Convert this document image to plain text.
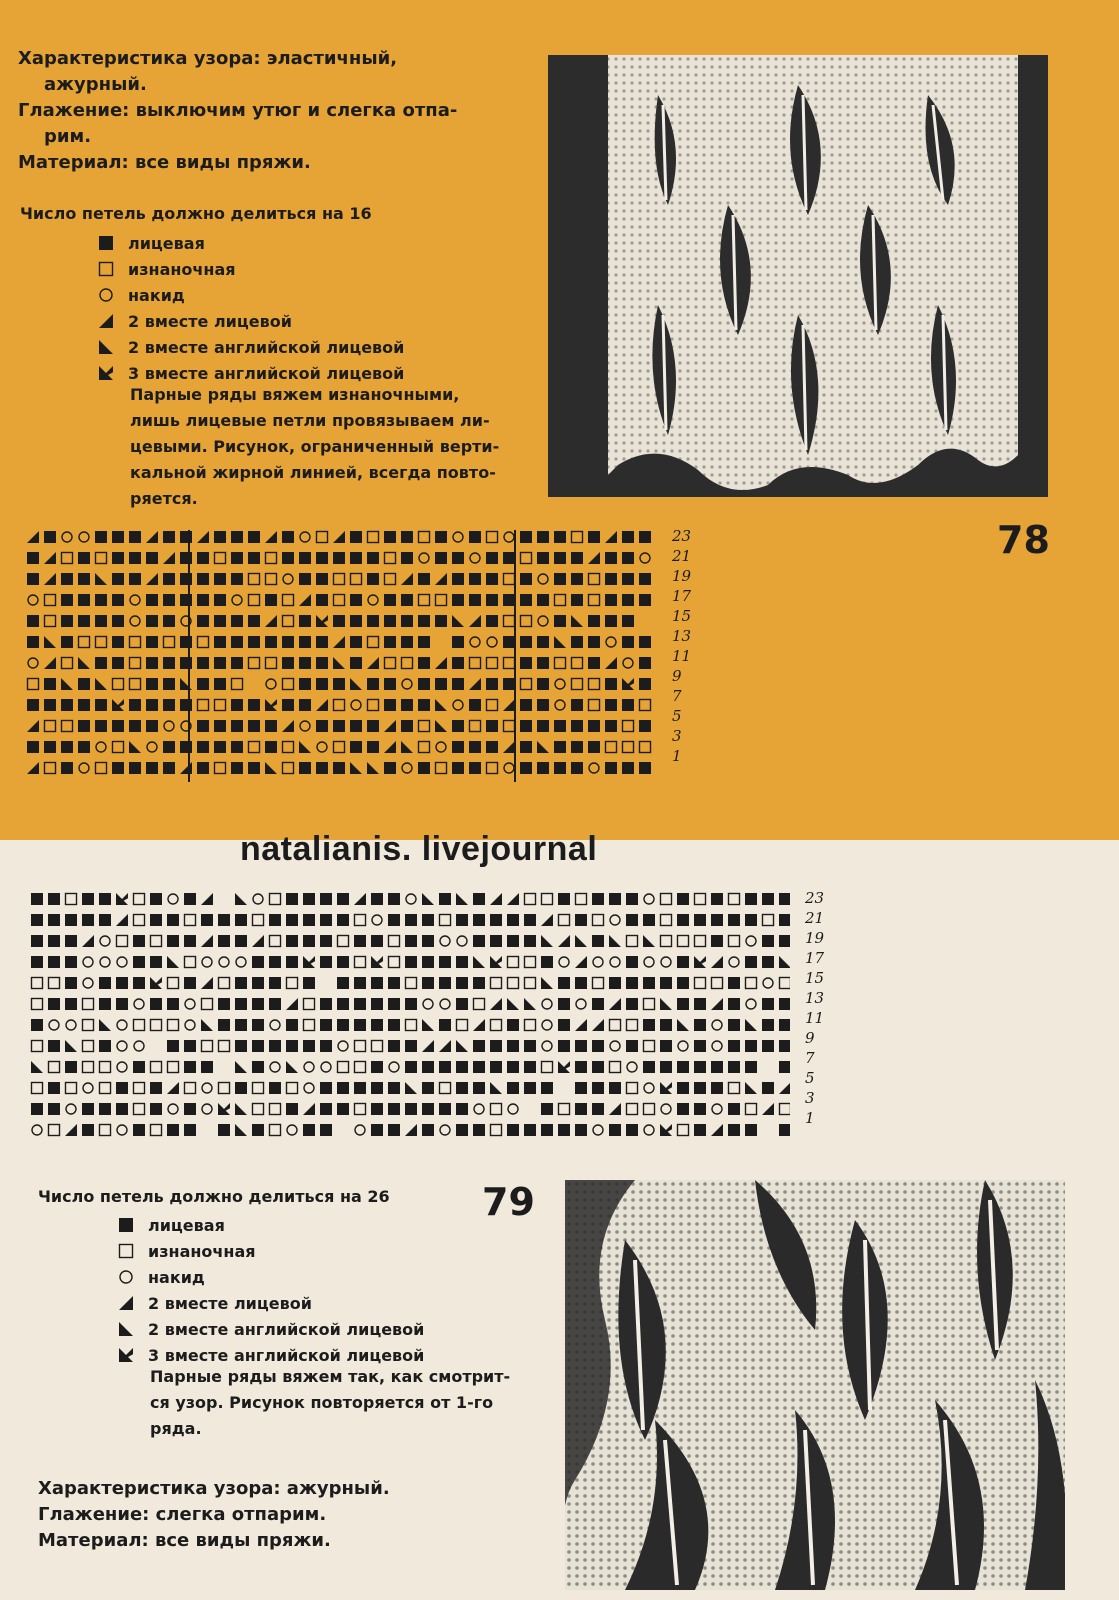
Характеристика узора: эластичный,
ажурный.
Глажение: выключим утюг и слегка отпа-
рим.
Материал: все виды пряжи.
Число петель должно делиться на 16
лицевая
изнаночная
накид
2 вместе лицевой
2 вместе английской лицевой
3 вместе английской лицевой
Парные ряды вяжем изнаночными,
лишь лицевые петли провязываем ли-
цевыми. Рисунок, ограниченный верти-
кальной жирной линией, всегда повто-
ряется.
78
23
21
19
17
15
13
11
9
7
5
3
1
natalianis. livejournal
23
21
19
17
15
13
11
9
7
5
3
1
Число петель должно делиться на 26 79
лицевая
изнаночная
накид
2 вместе лицевой
2 вместе английской лицевой
3 вместе английской лицевой
Парные ряды вяжем так, как смотрит-
ся узор. Рисунок повторяется от 1-го
ряда.
Характеристика узора: ажурный.
Глажение: слегка отпарим.
Материал: все виды пряжи.
